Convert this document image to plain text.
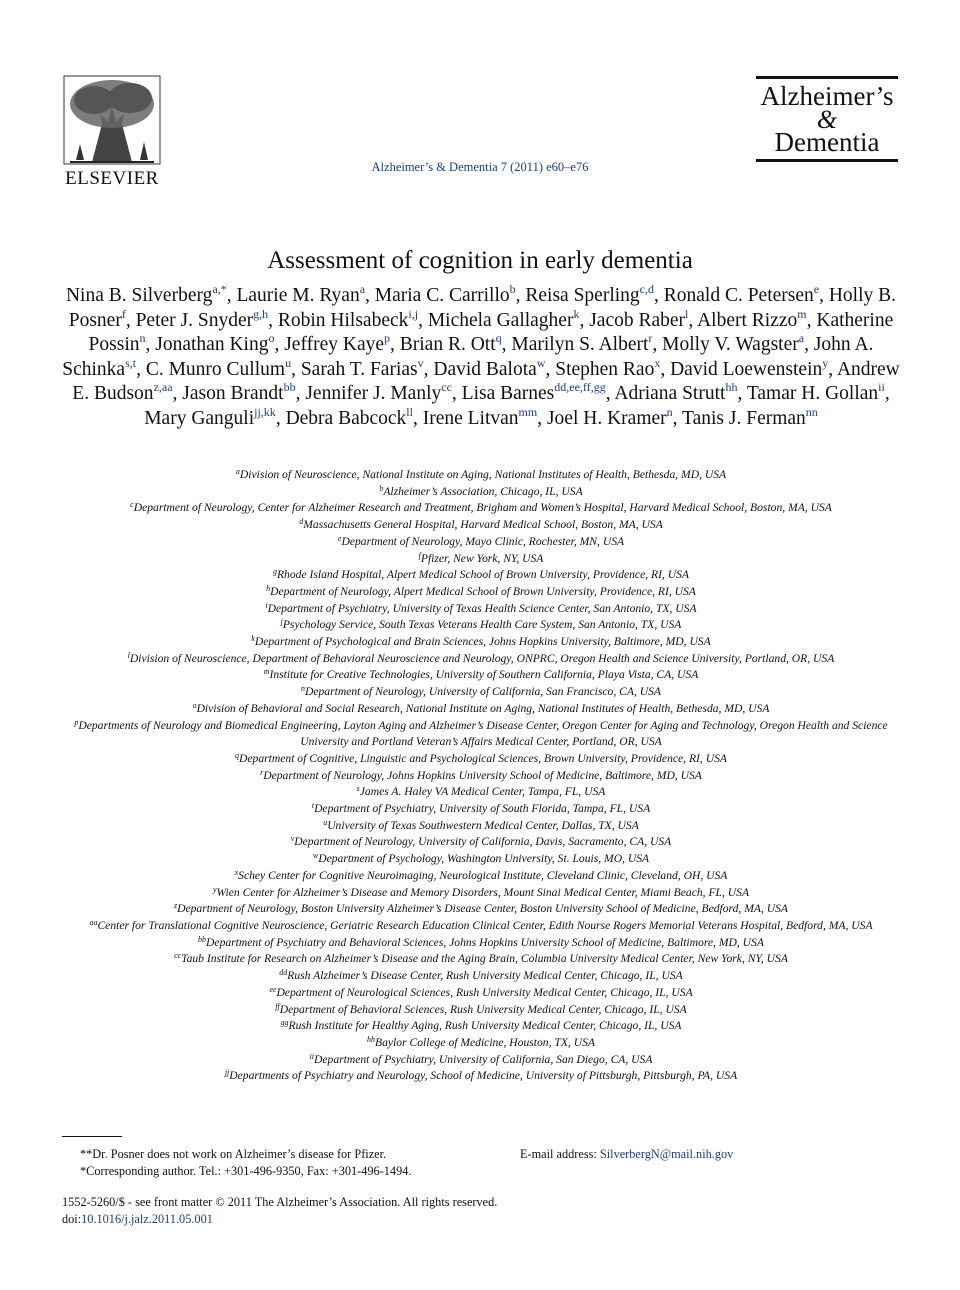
ELSEVIER
Alzheimer’s & Dementia 7 (2011) e60–e76
Alzheimer’s
&
Dementia
Assessment of cognition in early dementia
Nina B. Silverberg$^{a,*}$, Laurie M. Ryan$^a$, Maria C. Carrillo$^b$, Reisa Sperling$^{c,d}$, Ronald C. Petersen$^e$, Holly B. Posner$^f$, Peter J. Snyder$^{g,h}$, Robin Hilsabeck$^{i,j}$, Michela Gallagher$^k$, Jacob Raber$^l$, Albert Rizzo$^m$, Katherine Possin$^n$, Jonathan King$^o$, Jeffrey Kaye$^p$, Brian R. Ott$^q$, Marilyn S. Albert$^r$, Molly V. Wagster$^a$, John A. Schinka$^{s,t}$, C. Munro Cullum$^u$, Sarah T. Farias$^v$, David Balota$^w$, Stephen Rao$^x$, David Loewenstein$^y$, Andrew E. Budson$^{z,aa}$, Jason Brandt$^{bb}$, Jennifer J. Manly$^{cc}$, Lisa Barnes$^{dd,ee,ff,gg}$, Adriana Strutt$^{hh}$, Tamar H. Gollan$^{ii}$, Mary Ganguli$^{jj,kk}$, Debra Babcock$^{ll}$, Irene Litvan$^{mm}$, Joel H. Kramer$^n$, Tanis J. Ferman$^{nn}$

$^a$Division of Neuroscience, National Institute on Aging, National Institutes of Health, Bethesda, MD, USA

$^b$Alzheimer’s Association, Chicago, IL, USA

$^c$Department of Neurology, Center for Alzheimer Research and Treatment, Brigham and Women’s Hospital, Harvard Medical School, Boston, MA, USA

$^d$Massachusetts General Hospital, Harvard Medical School, Boston, MA, USA

$^e$Department of Neurology, Mayo Clinic, Rochester, MN, USA

$^f$Pfizer, New York, NY, USA

$^g$Rhode Island Hospital, Alpert Medical School of Brown University, Providence, RI, USA

$^h$Department of Neurology, Alpert Medical School of Brown University, Providence, RI, USA

$^i$Department of Psychiatry, University of Texas Health Science Center, San Antonio, TX, USA

$^j$Psychology Service, South Texas Veterans Health Care System, San Antonio, TX, USA

$^k$Department of Psychological and Brain Sciences, Johns Hopkins University, Baltimore, MD, USA

$^l$Division of Neuroscience, Department of Behavioral Neuroscience and Neurology, ONPRC, Oregon Health and Science University, Portland, OR, USA

$^m$Institute for Creative Technologies, University of Southern California, Playa Vista, CA, USA

$^n$Department of Neurology, University of California, San Francisco, CA, USA

$^o$Division of Behavioral and Social Research, National Institute on Aging, National Institutes of Health, Bethesda, MD, USA

$^p$Departments of Neurology and Biomedical Engineering, Layton Aging and Alzheimer’s Disease Center, Oregon Center for Aging and Technology, Oregon Health and Science University and Portland Veteran’s Affairs Medical Center, Portland, OR, USA

$^q$Department of Cognitive, Linguistic and Psychological Sciences, Brown University, Providence, RI, USA

$^r$Department of Neurology, Johns Hopkins University School of Medicine, Baltimore, MD, USA

$^s$James A. Haley VA Medical Center, Tampa, FL, USA

$^t$Department of Psychiatry, University of South Florida, Tampa, FL, USA

$^u$University of Texas Southwestern Medical Center, Dallas, TX, USA

$^v$Department of Neurology, University of California, Davis, Sacramento, CA, USA

$^w$Department of Psychology, Washington University, St. Louis, MO, USA

$^x$Schey Center for Cognitive Neuroimaging, Neurological Institute, Cleveland Clinic, Cleveland, OH, USA

$^y$Wien Center for Alzheimer’s Disease and Memory Disorders, Mount Sinai Medical Center, Miami Beach, FL, USA

$^z$Department of Neurology, Boston University Alzheimer’s Disease Center, Boston University School of Medicine, Bedford, MA, USA

$^{aa}$Center for Translational Cognitive Neuroscience, Geriatric Research Education Clinical Center, Edith Nourse Rogers Memorial Veterans Hospital, Bedford, MA, USA

$^{bb}$Department of Psychiatry and Behavioral Sciences, Johns Hopkins University School of Medicine, Baltimore, MD, USA

$^{cc}$Taub Institute for Research on Alzheimer’s Disease and the Aging Brain, Columbia University Medical Center, New York, NY, USA

$^{dd}$Rush Alzheimer’s Disease Center, Rush University Medical Center, Chicago, IL, USA

$^{ee}$Department of Neurological Sciences, Rush University Medical Center, Chicago, IL, USA

$^{ff}$Department of Behavioral Sciences, Rush University Medical Center, Chicago, IL, USA

$^{gg}$Rush Institute for Healthy Aging, Rush University Medical Center, Chicago, IL, USA

$^{hh}$Baylor College of Medicine, Houston, TX, USA

$^{ii}$Department of Psychiatry, University of California, San Diego, CA, USA

$^{jj}$Departments of Psychiatry and Neurology, School of Medicine, University of Pittsburgh, Pittsburgh, PA, USA

**Dr. Posner does not work on Alzheimer’s disease for Pfizer.
*Corresponding author. Tel.: +301-496-9350, Fax: +301-496-1494.
E-mail address: SilverbergN@mail.nih.gov
1552-5260/$ - see front matter © 2011 The Alzheimer’s Association. All rights reserved.
doi:10.1016/j.jalz.2011.05.001
